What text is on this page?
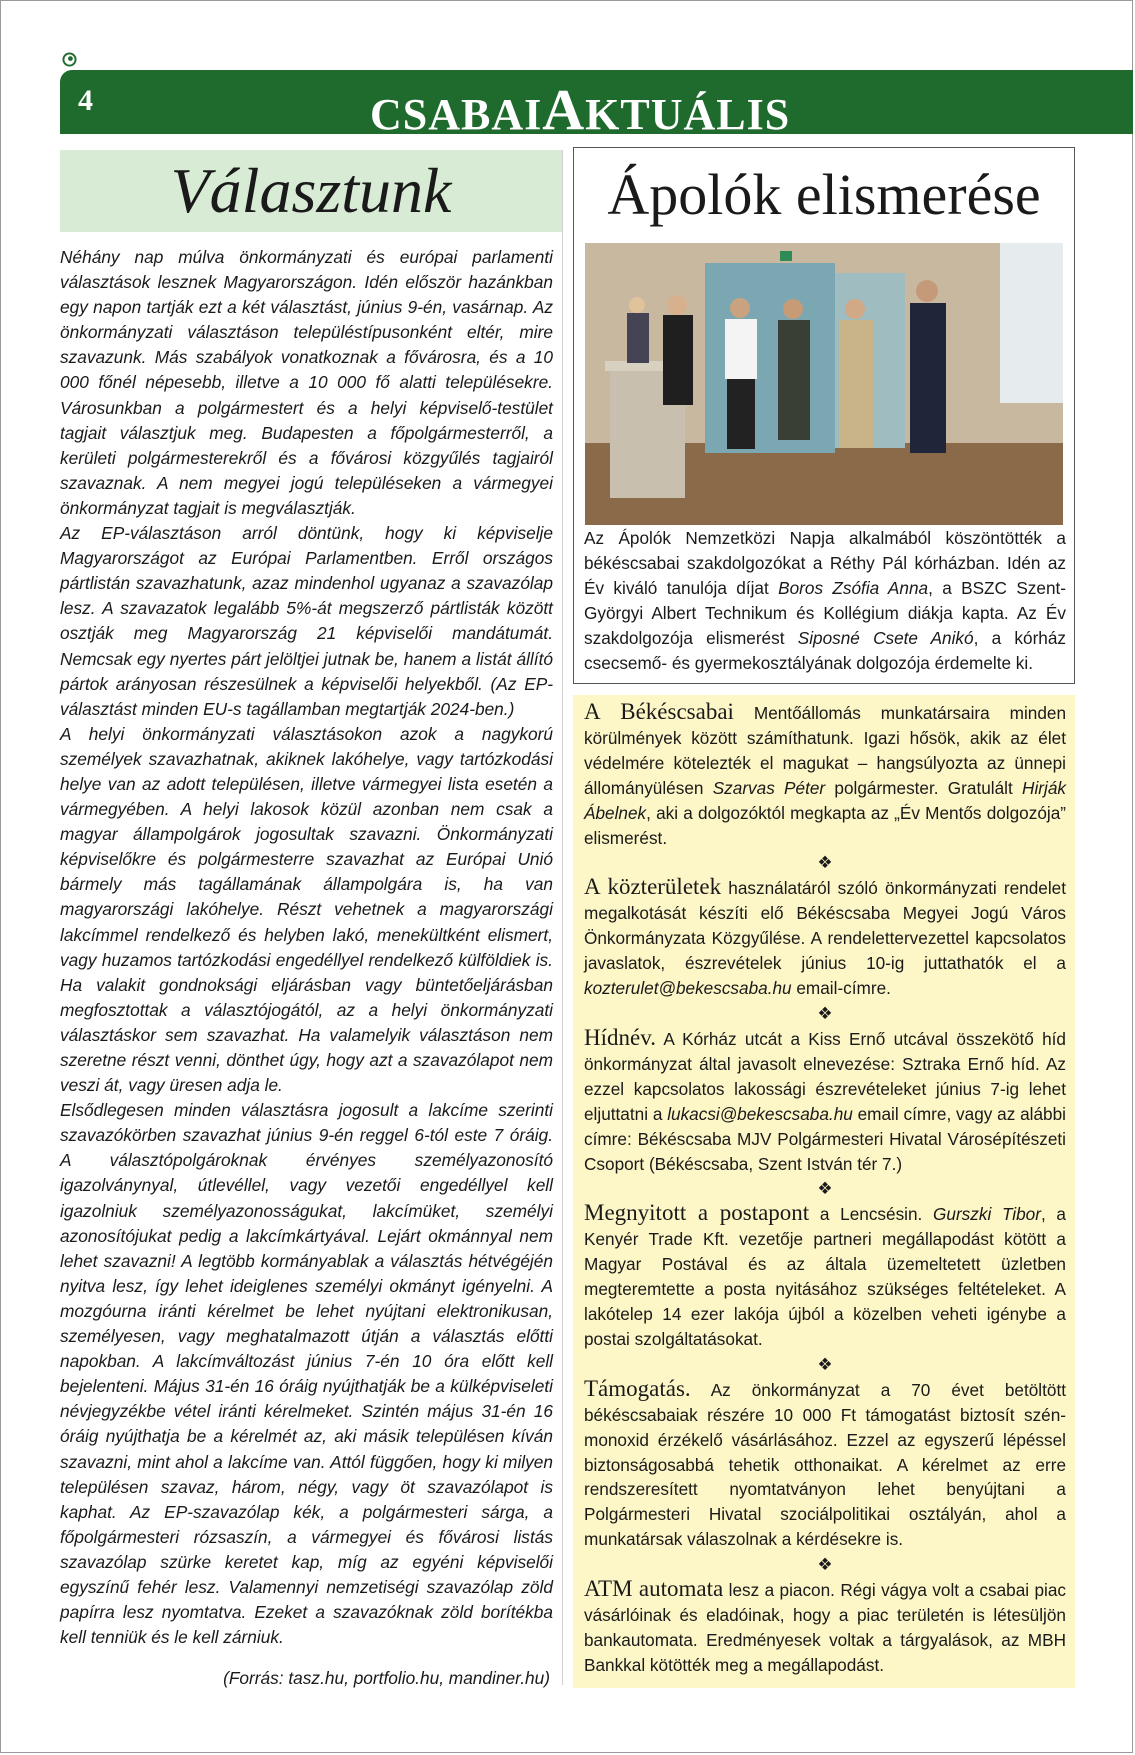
4	CSABAIAKTUÁLIS
Választunk

Néhány nap múlva önkormányzati és európai parlamenti választások lesznek Magyarországon. Idén először hazánkban egy napon tartják ezt a két választást, június 9-én, vasárnap. Az önkormányzati választáson településtípusonként eltér, mire szavazunk. Más szabályok vonatkoznak a fővárosra, és a 10 000 főnél népesebb, illetve a 10 000 fő alatti településekre. Városunkban a polgármestert és a helyi képviselő-testület tagjait választjuk meg. Budapesten a főpolgármesterről, a kerületi polgármesterekről és a fővárosi közgyűlés tagjairól szavaznak. A nem megyei jogú településeken a vármegyei önkormányzat tagjait is megválasztják.

Az EP-választáson arról döntünk, hogy ki képviselje Magyarországot az Európai Parlamentben. Erről országos pártlistán szavazhatunk, azaz mindenhol ugyanaz a szavazólap lesz. A szavazatok legalább 5%-át megszerző pártlisták között osztják meg Magyarország 21 képviselői mandátumát. Nemcsak egy nyertes párt jelöltjei jutnak be, hanem a listát állító pártok arányosan részesülnek a képviselői helyekből. (Az EP-választást minden EU-s tagállamban megtartják 2024-ben.)

A helyi önkormányzati választásokon azok a nagykorú személyek szavazhatnak, akiknek lakóhelye, vagy tartózkodási helye van az adott településen, illetve vármegyei lista esetén a vármegyében. A helyi lakosok közül azonban nem csak a magyar állampolgárok jogosultak szavazni. Önkormányzati képviselőkre és polgármesterre szavazhat az Európai Unió bármely más tagállamának állampolgára is, ha van magyarországi lakóhelye. Részt vehetnek a magyarországi lakcímmel rendelkező és helyben lakó, menekültként elismert, vagy huzamos tartózkodási engedéllyel rendelkező külföldiek is. Ha valakit gondnoksági eljárásban vagy büntetőeljárásban megfosztottak a választójogától, az a helyi önkormányzati választáskor sem szavazhat. Ha valamelyik választáson nem szeretne részt venni, dönthet úgy, hogy azt a szavazólapot nem veszi át, vagy üresen adja le.

Elsődlegesen minden választásra jogosult a lakcíme szerinti szavazókörben szavazhat június 9-én reggel 6-tól este 7 óráig. A választópolgároknak érvényes személyazonosító igazolványnyal, útlevéllel, vagy vezetői engedéllyel kell igazolniuk személyazonosságukat, lakcímüket, személyi azonosítójukat pedig a lakcímkártyával. Lejárt okmánnyal nem lehet szavazni! A legtöbb kormányablak a választás hétvégéjén nyitva lesz, így lehet ideiglenes személyi okmányt igényelni. A mozgóurna iránti kérelmet be lehet nyújtani elektronikusan, személyesen, vagy meghatalmazott útján a választás előtti napokban. A lakcímváltozást június 7-én 10 óra előtt kell bejelenteni. Május 31-én 16 óráig nyújthatják be a külképviseleti névjegyzékbe vétel iránti kérelmeket. Szintén május 31-én 16 óráig nyújthatja be a kérelmét az, aki másik településen kíván szavazni, mint ahol a lakcíme van. Attól függően, hogy ki milyen településen szavaz, három, négy, vagy öt szavazólapot is kaphat. Az EP-szavazólap kék, a polgármesteri sárga, a főpolgármesteri rózsaszín, a vármegyei és fővárosi listás szavazólap szürke keretet kap, míg az egyéni képviselői egyszínű fehér lesz. Valamennyi nemzetiségi szavazólap zöld papírra lesz nyomtatva. Ezeket a szavazóknak zöld borítékba kell tenniük és le kell zárniuk.

(Forrás: tasz.hu, portfolio.hu, mandiner.hu)
Ápolók elismerése

Az Ápolók Nemzetközi Napja alkalmából köszöntötték a békéscsabai szakdolgozókat a Réthy Pál kórházban. Idén az Év kiváló tanulója díjat Boros Zsófia Anna, a BSZC Szent-Györgyi Albert Technikum és Kollégium diákja kapta. Az Év szakdolgozója elismerést Siposné Csete Anikó, a kórház csecsemő- és gyermekosztályának dolgozója érdemelte ki.

A Békéscsabai Mentőállomás munkatársaira minden körülmények között számíthatunk. Igazi hősök, akik az élet védelmére kötelezték el magukat – hangsúlyozta az ünnepi állományülésen Szarvas Péter polgármester. Gratulált Hirják Ábelnek, aki a dolgozóktól megkapta az „Év Mentős dolgozója” elismerést.

❖

A közterületek használatáról szóló önkormányzati rendelet megalkotását készíti elő Békéscsaba Megyei Jogú Város Önkormányzata Közgyűlése. A rendelettervezettel kapcsolatos javaslatok, észrevételek június 10-ig juttathatók el a kozterulet@bekescsaba.hu email-címre.

❖

Hídnév. A Kórház utcát a Kiss Ernő utcával összekötő híd önkormányzat által javasolt elnevezése: Sztraka Ernő híd. Az ezzel kapcsolatos lakossági észrevételeket június 7-ig lehet eljuttatni a lukacsi@bekescsaba.hu email címre, vagy az alábbi címre: Békéscsaba MJV Polgármesteri Hivatal Városépítészeti Csoport (Békéscsaba, Szent István tér 7.)

❖

Megnyitott a postapont a Lencsésin. Gurszki Tibor, a Kenyér Trade Kft. vezetője partneri megállapodást kötött a Magyar Postával és az általa üzemeltetett üzletben megteremtette a posta nyitásához szükséges feltételeket. A lakótelep 14 ezer lakója újból a közelben veheti igénybe a postai szolgáltatásokat.

❖

Támogatás. Az önkormányzat a 70 évet betöltött békéscsabaiak részére 10 000 Ft támogatást biztosít szén-monoxid érzékelő vásárlásához. Ezzel az egyszerű lépéssel biztonságosabbá tehetik otthonaikat. A kérelmet az erre rendszeresített nyomtatványon lehet benyújtani a Polgármesteri Hivatal szociálpolitikai osztályán, ahol a munkatársak válaszolnak a kérdésekre is.

❖

ATM automata lesz a piacon. Régi vágya volt a csabai piac vásárlóinak és eladóinak, hogy a piac területén is létesüljön bankautomata. Eredményesek voltak a tárgyalások, az MBH Bankkal kötötték meg a megállapodást.
